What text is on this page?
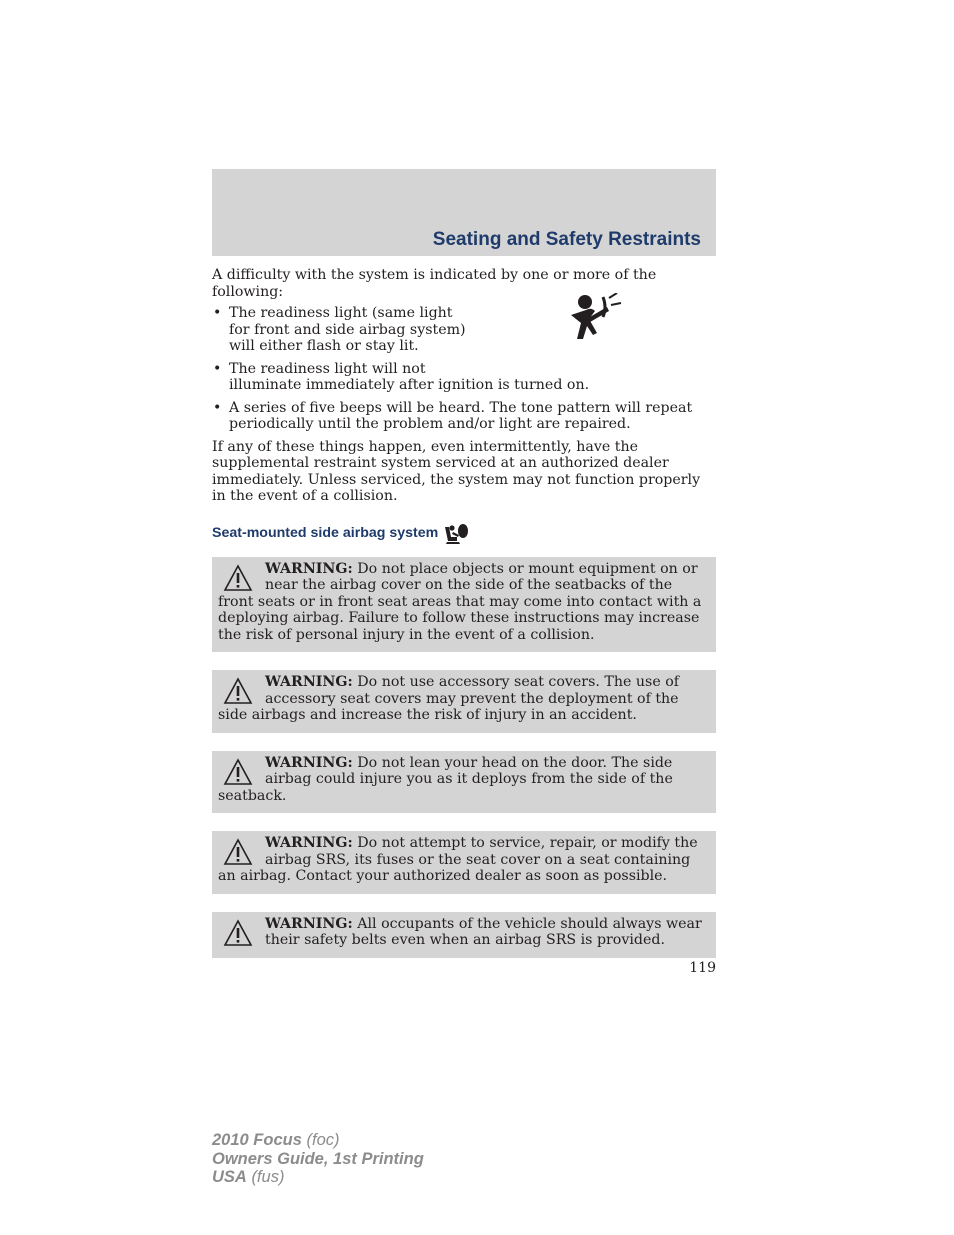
Seating and Safety Restraints

A difficulty with the system is indicated by one or more of the following:

• The readiness light (same light
for front and side airbag system)
will either flash or stay lit.
• The readiness light will not
illuminate immediately after ignition is turned on.
• A series of five beeps will be heard. The tone pattern will repeat
periodically until the problem and/or light are repaired.

If any of these things happen, even intermittently, have the supplemental restraint system serviced at an authorized dealer immediately. Unless serviced, the system may not function properly in the event of a collision.

Seat-mounted side airbag system
WARNING: Do not place objects or mount equipment on or near the airbag cover on the side of the seatbacks of the front seats or in front seat areas that may come into contact with a deploying airbag. Failure to follow these instructions may increase the risk of personal injury in the event of a collision.
WARNING: Do not use accessory seat covers. The use of accessory seat covers may prevent the deployment of the side airbags and increase the risk of injury in an accident.
WARNING: Do not lean your head on the door. The side airbag could injure you as it deploys from the side of the seatback.
WARNING: Do not attempt to service, repair, or modify the airbag SRS, its fuses or the seat cover on a seat containing an airbag. Contact your authorized dealer as soon as possible.
WARNING: All occupants of the vehicle should always wear their safety belts even when an airbag SRS is provided.
119
2010 Focus (foc)
Owners Guide, 1st Printing
USA (fus)
